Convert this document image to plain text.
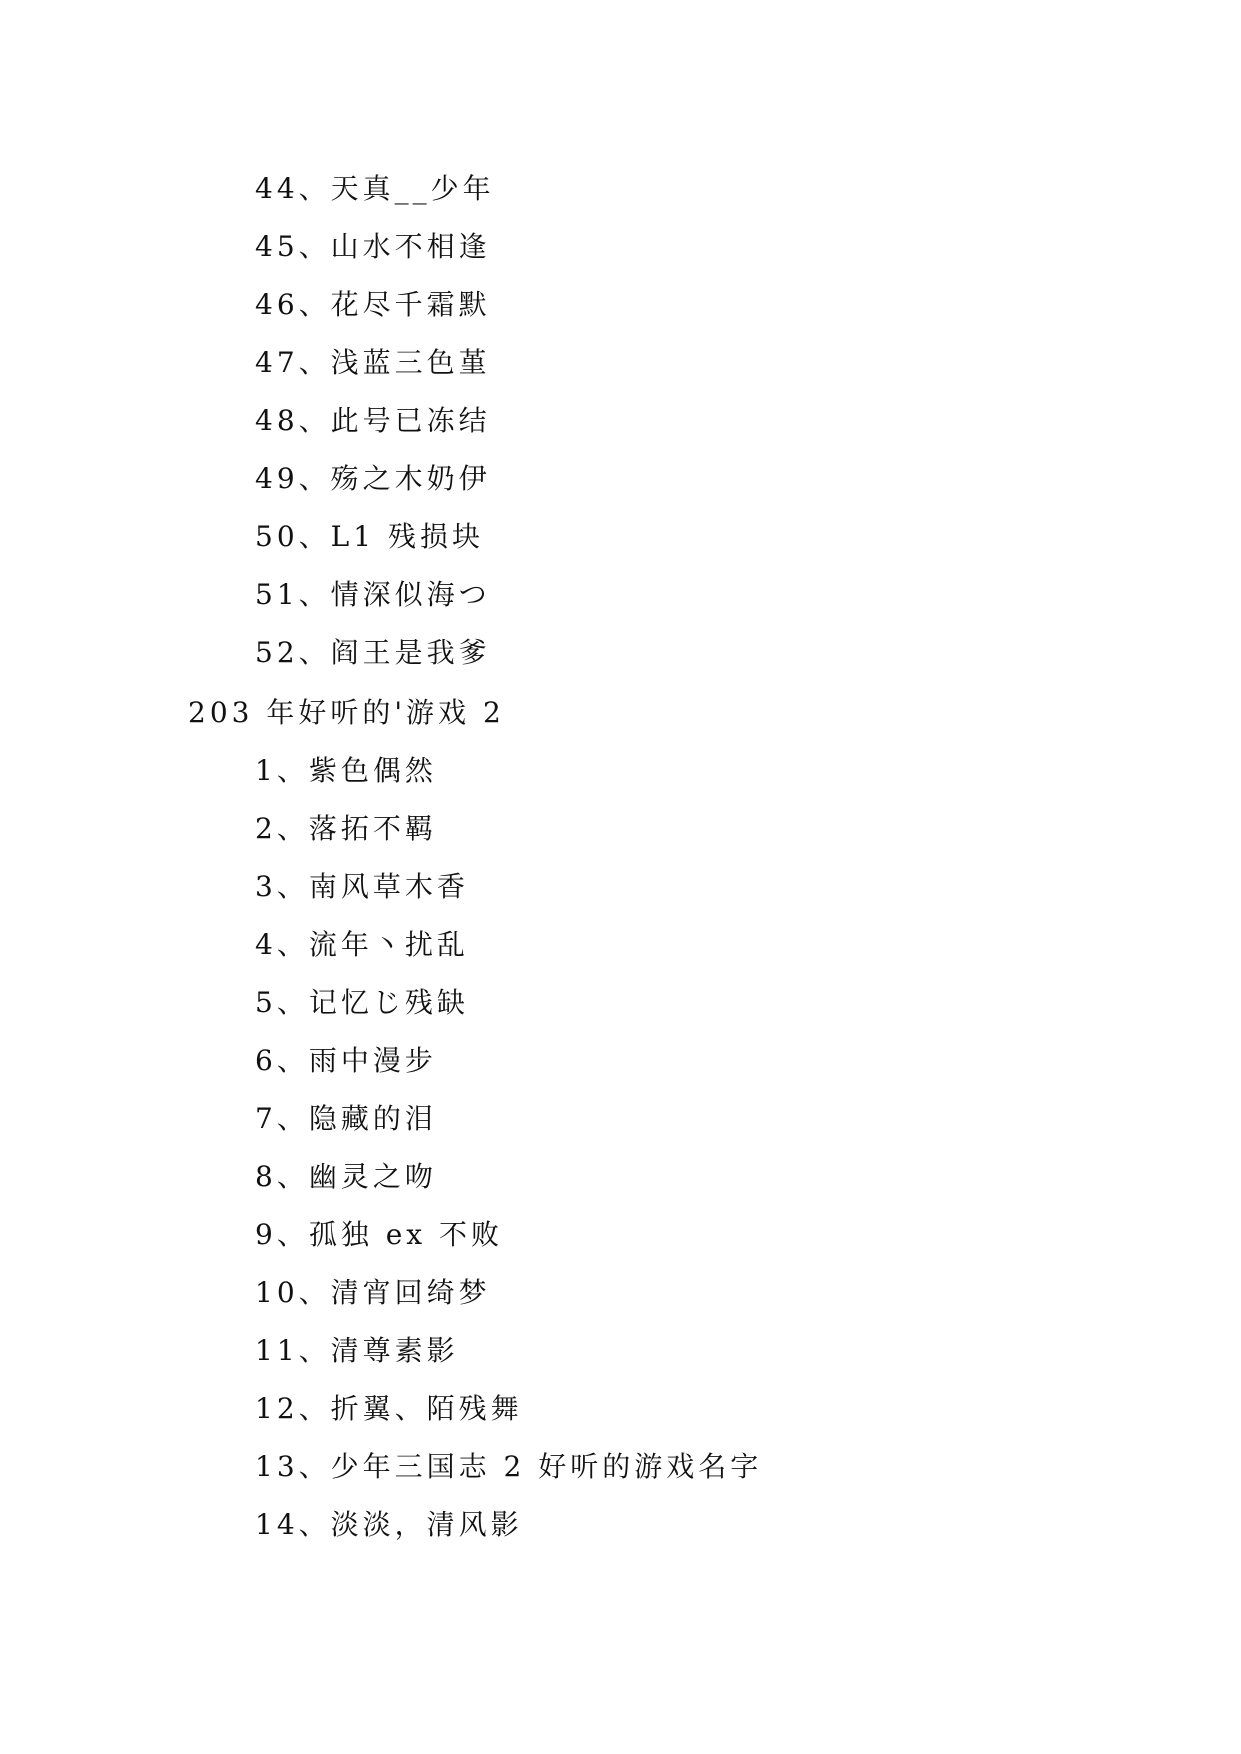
44、天真__少年
45、山水不相逢
46、花尽千霜默
47、浅蓝三色堇
48、此号已冻结
49、殇之木奶伊
50、L1 残损块
51、情深似海つ
52、阎王是我爹
203 年好听的'游戏 2
1、紫色偶然
2、落拓不羁
3、南风草木香
4、流年丶扰乱
5、记忆じ残缺
6、雨中漫步
7、隐藏的泪
8、幽灵之吻
9、孤独 ex 不败
10、清宵回绮梦
11、清尊素影
12、折翼、陌残舞
13、少年三国志 2 好听的游戏名字
14、淡淡，清风影
